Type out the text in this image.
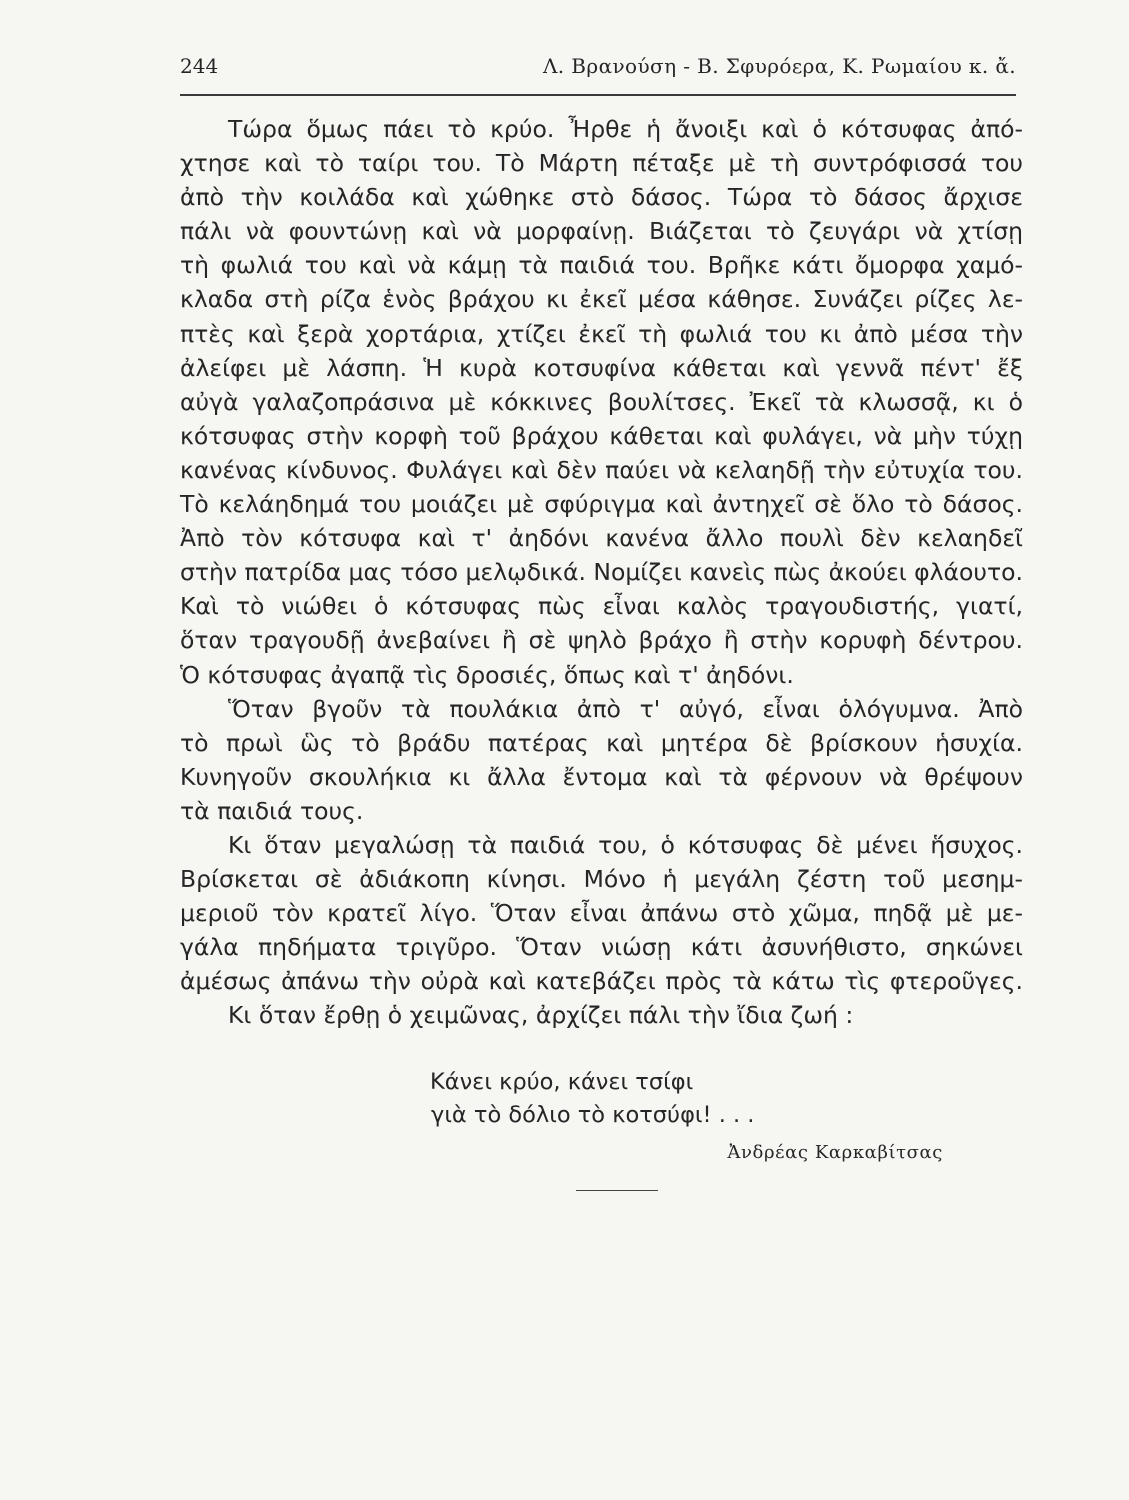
244	Λ. Βρανούση - Β. Σφυρόερα, Κ. Ρωμαίου κ. ἄ.
Τώρα ὅμως πάει τὸ κρύο. Ἦρθε ἡ ἄνοιξι καὶ ὁ κότσυφας ἀπό-
χτησε καὶ τὸ ταίρι του. Τὸ Μάρτη πέταξε μὲ τὴ συντρόφισσά του
ἀπὸ τὴν κοιλάδα καὶ χώθηκε στὸ δάσος. Τώρα τὸ δάσος ἄρχισε
πάλι νὰ φουντώνῃ καὶ νὰ μορφαίνῃ. Βιάζεται τὸ ζευγάρι νὰ χτίσῃ
τὴ φωλιά του καὶ νὰ κάμῃ τὰ παιδιά του. Βρῆκε κάτι ὄμορφα χαμό-
κλαδα στὴ ρίζα ἑνὸς βράχου κι ἐκεῖ μέσα κάθησε. Συνάζει ρίζες λε-
πτὲς καὶ ξερὰ χορτάρια, χτίζει ἐκεῖ τὴ φωλιά του κι ἀπὸ μέσα τὴν
ἀλείφει μὲ λάσπη. Ἡ κυρὰ κοτσυφίνα κάθεται καὶ γεννᾶ πέντ' ἔξ
αὐγὰ γαλαζοπράσινα μὲ κόκκινες βουλίτσες. Ἐκεῖ τὰ κλωσσᾷ, κι ὁ
κότσυφας στὴν κορφὴ τοῦ βράχου κάθεται καὶ φυλάγει, νὰ μὴν τύχῃ
κανένας κίνδυνος. Φυλάγει καὶ δὲν παύει νὰ κελαηδῇ τὴν εὐτυχία του.
Τὸ κελάηδημά του μοιάζει μὲ σφύριγμα καὶ ἀντηχεῖ σὲ ὅλο τὸ δάσος.
Ἀπὸ τὸν κότσυφα καὶ τ' ἀηδόνι κανένα ἄλλο πουλὶ δὲν κελαηδεῖ
στὴν πατρίδα μας τόσο μελῳδικά. Νομίζει κανεὶς πὼς ἀκούει φλάουτο.
Καὶ τὸ νιώθει ὁ κότσυφας πὼς εἶναι καλὸς τραγουδιστής, γιατί,
ὅταν τραγουδῇ ἀνεβαίνει ἢ σὲ ψηλὸ βράχο ἢ στὴν κορυφὴ δέντρου.
Ὁ κότσυφας ἀγαπᾷ τὶς δροσιές, ὅπως καὶ τ' ἀηδόνι.
Ὅταν βγοῦν τὰ πουλάκια ἀπὸ τ' αὐγό, εἶναι ὁλόγυμνα. Ἀπὸ
τὸ πρωὶ ὣς τὸ βράδυ πατέρας καὶ μητέρα δὲ βρίσκουν ἡσυχία.
Κυνηγοῦν σκουλήκια κι ἄλλα ἔντομα καὶ τὰ φέρνουν νὰ θρέψουν
τὰ παιδιά τους.
Κι ὅταν μεγαλώσῃ τὰ παιδιά του, ὁ κότσυφας δὲ μένει ἥσυχος.
Βρίσκεται σὲ ἀδιάκοπη κίνησι. Μόνο ἡ μεγάλη ζέστη τοῦ μεσημ-
μεριοῦ τὸν κρατεῖ λίγο. Ὅταν εἶναι ἀπάνω στὸ χῶμα, πηδᾷ μὲ με-
γάλα πηδήματα τριγῦρο. Ὅταν νιώσῃ κάτι ἀσυνήθιστο, σηκώνει
ἀμέσως ἀπάνω τὴν οὐρὰ καὶ κατεβάζει πρὸς τὰ κάτω τὶς φτεροῦγες.
Κι ὅταν ἔρθῃ ὁ χειμῶνας, ἀρχίζει πάλι τὴν ἴδια ζωή :
Κάνει κρύο, κάνει τσίφι
γιὰ τὸ δόλιο τὸ κοτσύφι! . . .
Ἀνδρέας Καρκαβίτσας
